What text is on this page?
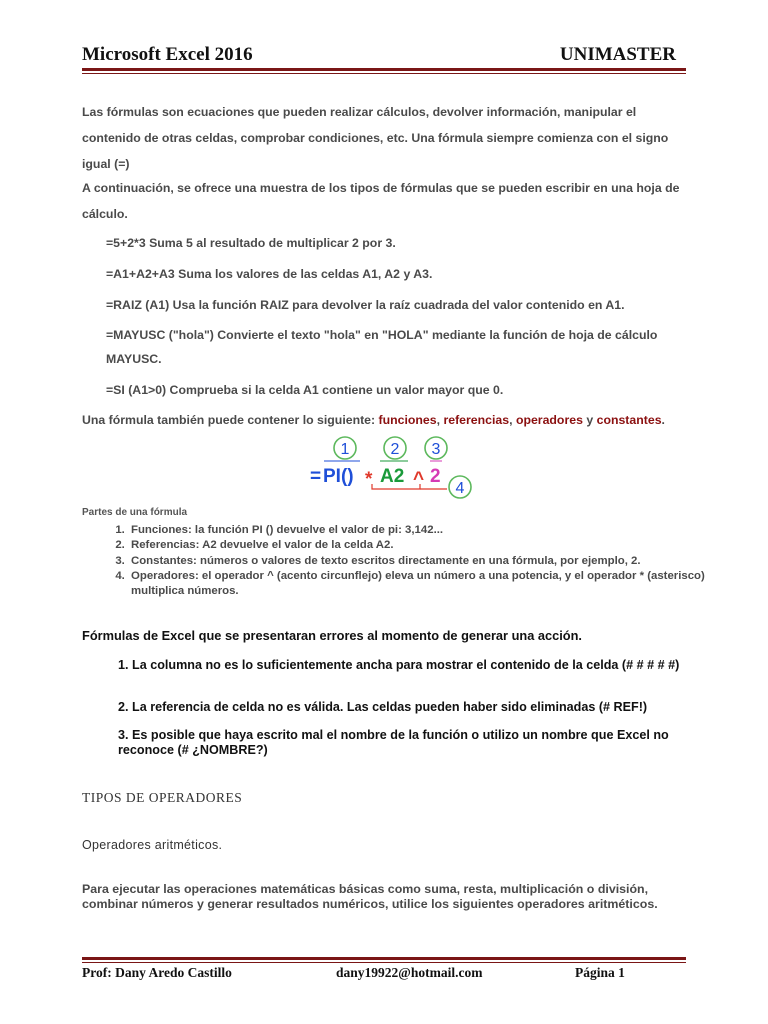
Microsoft Excel 2016	UNIMASTER
Las fórmulas son ecuaciones que pueden realizar cálculos, devolver información, manipular el contenido de otras celdas, comprobar condiciones, etc. Una fórmula siempre comienza con el signo igual (=)
A continuación, se ofrece una muestra de los tipos de fórmulas que se pueden escribir en una hoja de cálculo.
=5+2*3 Suma 5 al resultado de multiplicar 2 por 3.
=A1+A2+A3 Suma los valores de las celdas A1, A2 y A3.
=RAIZ (A1) Usa la función RAIZ para devolver la raíz cuadrada del valor contenido en A1.
=MAYUSC ("hola") Convierte el texto "hola" en "HOLA" mediante la función de hoja de cálculo MAYUSC.
=SI (A1>0) Comprueba si la celda A1 contiene un valor mayor que 0.
Una fórmula también puede contener lo siguiente: funciones, referencias, operadores y constantes.
1	2 3
= PI() * A2 ^ 2
4
Partes de una fórmula
1. Funciones: la función PI () devuelve el valor de pi: 3,142...
2. Referencias: A2 devuelve el valor de la celda A2.
3. Constantes: números o valores de texto escritos directamente en una fórmula, por ejemplo, 2.
4. Operadores: el operador ^ (acento circunflejo) eleva un número a una potencia, y el operador * (asterisco) multiplica números.
Fórmulas de Excel que se presentaran errores al momento de generar una acción.
1. La columna no es lo suficientemente ancha para mostrar el contenido de la celda (# # # # #)
2. La referencia de celda no es válida. Las celdas pueden haber sido eliminadas (# REF!)
3. Es posible que haya escrito mal el nombre de la función o utilizo un nombre que Excel no reconoce (# ¿NOMBRE?)
TIPOS DE OPERADORES
Operadores aritméticos.
Para ejecutar las operaciones matemáticas básicas como suma, resta, multiplicación o división, combinar números y generar resultados numéricos, utilice los siguientes operadores aritméticos.
Prof: Dany Aredo Castillo	dany19922@hotmail.com	Página 1
